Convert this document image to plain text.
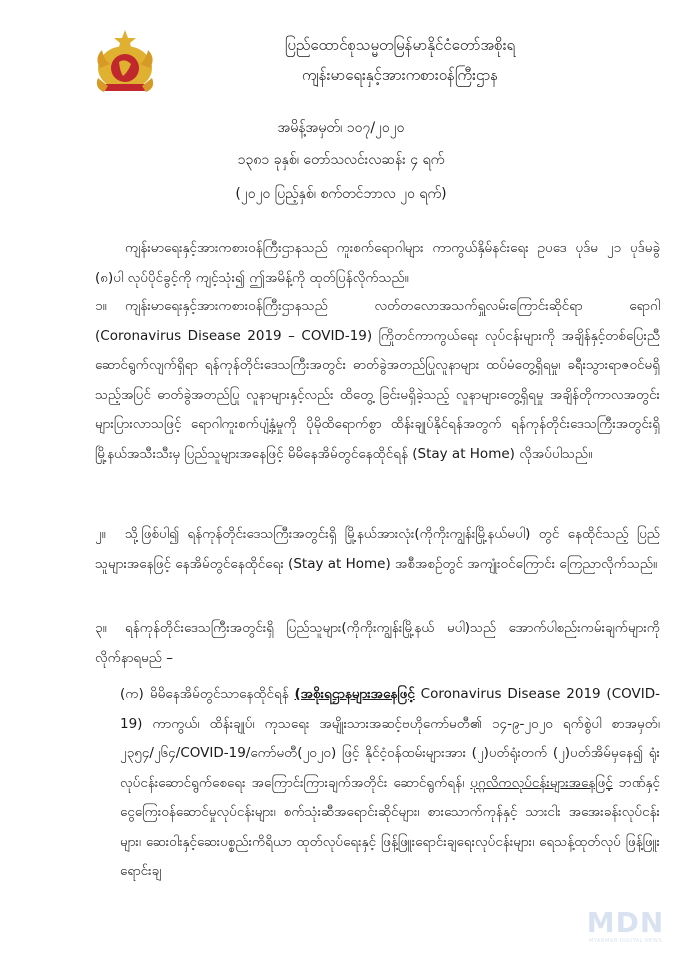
ပြည်ထောင်စုသမ္မတမြန်မာနိုင်ငံတော်အစိုးရ
ကျန်းမာရေးနှင့်အားကစားဝန်ကြီးဌာန
အမိန့်အမှတ်၊ ၁၀၇/၂၀၂၀
၁၃၈၁ ခုနှစ်၊ တော်သလင်းလဆန်း ၄ ရက်
(၂၀၂၀ ပြည့်နှစ်၊ စက်တင်ဘာလ ၂၀ ရက်)
ကျန်းမာရေးနှင့်အားကစားဝန်ကြီးဌာနသည် ကူးစက်ရောဂါများ ကာကွယ်နှိမ်နင်းရေး ဥပဒေ ပုဒ်မ ၂၁ ပုဒ်မခွဲ (၈)ပါ လုပ်ပိုင်ခွင့်ကို ကျင့်သုံး၍ ဤအမိန့်ကို ထုတ်ပြန်လိုက်သည်။
၁။ ကျန်းမာရေးနှင့်အားကစားဝန်ကြီးဌာနသည် လတ်တလောအသက်ရှူလမ်းကြောင်းဆိုင်ရာ ရောဂါ (Coronavirus Disease 2019 – COVID-19) ကြိုတင်ကာကွယ်ရေး လုပ်ငန်းများကို အချိန်နှင့်တစ်ပြေးညီ ဆောင်ရွက်လျက်ရှိရာ ရန်ကုန်တိုင်းဒေသကြီးအတွင်း ဓာတ်ခွဲအတည်ပြုလူနာများ ထပ်မံတွေ့ရှိရမှု၊ ခရီးသွားရာဇဝင်မရှိသည့်အပြင် ဓာတ်ခွဲအတည်ပြု လူနာများနှင့်လည်း ထိတွေ့ ခြင်းမရှိခဲ့သည့် လူနာများတွေ့ရှိရမှု အချိန်တိုကာလအတွင်း များပြားလာသဖြင့် ရောဂါကူးစက်ပျံ့နှံ့မှုကို ပိုမိုထိရောက်စွာ ထိန်းချုပ်နိုင်ရန်အတွက် ရန်ကုန်တိုင်းဒေသကြီးအတွင်းရှိ မြို့နယ်အသီးသီးမှ ပြည်သူများအနေဖြင့် မိမိနေအိမ်တွင်နေထိုင်ရန် (Stay at Home) လိုအပ်ပါသည်။
၂။ သို့ဖြစ်ပါ၍ ရန်ကုန်တိုင်းဒေသကြီးအတွင်းရှိ မြို့နယ်အားလုံး(ကိုကိုးကျွန်းမြို့နယ်မပါ) တွင် နေထိုင်သည့် ပြည်သူများအနေဖြင့် နေအိမ်တွင်နေထိုင်ရေး (Stay at Home) အစီအစဉ်တွင် အကျုံးဝင်ကြောင်း ကြေညာလိုက်သည်။
၃။ ရန်ကုန်တိုင်းဒေသကြီးအတွင်းရှိ ပြည်သူများ(ကိုကိုးကျွန်းမြို့နယ် မပါ)သည် အောက်ပါစည်းကမ်းချက်များကို လိုက်နာရမည် –
(က) မိမိနေအိမ်တွင်သာနေထိုင်ရန် (အစိုးရဌာနများအနေဖြင့် Coronavirus Disease 2019 (COVID-19) ကာကွယ်၊ ထိန်းချုပ်၊ ကုသရေး အမျိုးသားအဆင့်ဗဟိုကော်မတီ၏ ၁၄-၉-၂၀၂၀ ရက်စွဲပါ စာအမှတ်၊ ၂၃၅၄/၂၆၄/COVID-19/ကော်မတီ(၂၀၂၀) ဖြင့် နိုင်ငံ့ဝန်ထမ်းများအား (၂)ပတ်ရုံးတက် (၂)ပတ်အိမ်မှနေ၍ ရုံးလုပ်ငန်းဆောင်ရွက်စေရေး အကြောင်းကြားချက်အတိုင်း ဆောင်ရွက်ရန်၊ ပုဂ္ဂလိကလုပ်ငန်းများအနေဖြင့် ဘဏ်နှင့် ငွေကြေးဝန်ဆောင်မှုလုပ်ငန်းများ၊ စက်သုံးဆီအရောင်းဆိုင်များ၊ စားသောက်ကုန်နှင့် သားငါး အအေးခန်းလုပ်ငန်းများ၊ ဆေးဝါးနှင့်ဆေးပစ္စည်းကိရိယာ ထုတ်လုပ်ရေးနှင့် ဖြန့်ဖြူးရောင်းချရေးလုပ်ငန်းများ၊ ရေသန့်ထုတ်လုပ် ဖြန့်ဖြူးရောင်းချ
MDN
MYANMAR DIGITAL NEWS
